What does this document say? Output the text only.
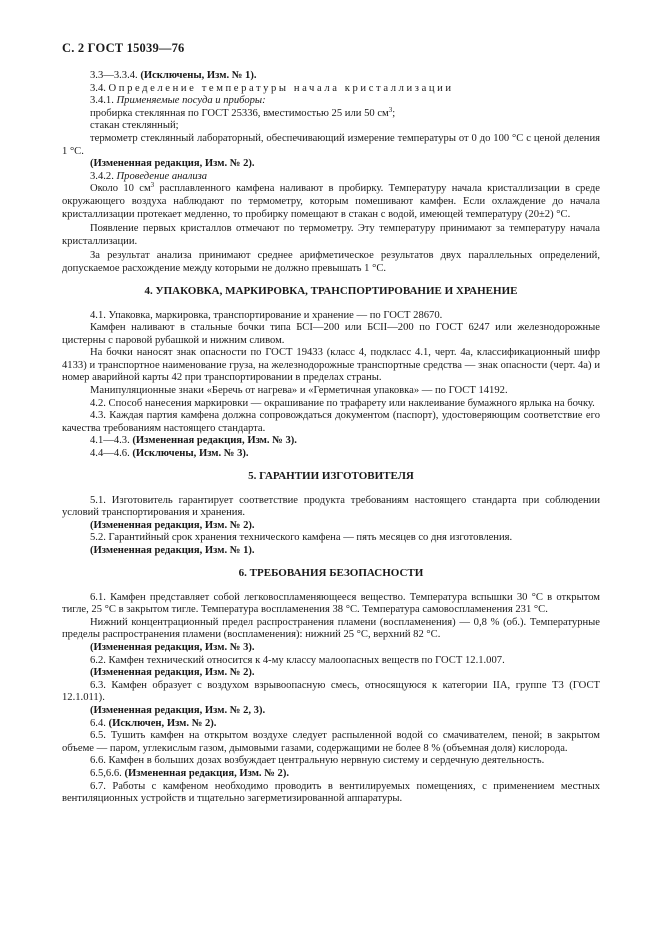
С. 2 ГОСТ 15039—76

3.3—3.3.4. (Исключены, Изм. № 1).

3.4. Определение температуры начала кристаллизации

3.4.1. Применяемые посуда и приборы:

пробирка стеклянная по ГОСТ 25336, вместимостью 25 или 50 $см^3$;

стакан стеклянный;

термометр стеклянный лабораторный, обеспечивающий измерение температуры от 0 до 100 °С с ценой деления 1 °С.

(Измененная редакция, Изм. № 2).

3.4.2. Проведение анализа

Около 10 $см^3$ расплавленного камфена наливают в пробирку. Температуру начала кристаллизации в среде окружающего воздуха наблюдают по термометру, которым помешивают камфен. Если охлаждение до начала кристаллизации протекает медленно, то пробирку помещают в стакан с водой, имеющей температуру (20±2) °С.

Появление первых кристаллов отмечают по термометру. Эту температуру принимают за температуру начала кристаллизации.

За результат анализа принимают среднее арифметическое результатов двух параллельных определений, допускаемое расхождение между которыми не должно превышать 1 °С.

4. УПАКОВКА, МАРКИРОВКА, ТРАНСПОРТИРОВАНИЕ И ХРАНЕНИЕ

4.1. Упаковка, маркировка, транспортирование и хранение — по ГОСТ 28670.

Камфен наливают в стальные бочки типа БСI—200 или БСII—200 по ГОСТ 6247 или железнодорожные цистерны с паровой рубашкой и нижним сливом.

На бочки наносят знак опасности по ГОСТ 19433 (класс 4, подкласс 4.1, черт. 4а, классификационный шифр 4133) и транспортное наименование груза, на железнодорожные транспортные средства — знак опасности (черт. 4а) и номер аварийной карты 42 при транспортировании в пределах страны.

Манипуляционные знаки «Беречь от нагрева» и «Герметичная упаковка» — по ГОСТ 14192.

4.2. Способ нанесения маркировки — окрашивание по трафарету или наклеивание бумажного ярлыка на бочку.

4.3. Каждая партия камфена должна сопровождаться документом (паспорт), удостоверяющим соответствие его качества требованиям настоящего стандарта.

4.1—4.3. (Измененная редакция, Изм. № 3).

4.4—4.6. (Исключены, Изм. № 3).

5. ГАРАНТИИ ИЗГОТОВИТЕЛЯ

5.1. Изготовитель гарантирует соответствие продукта требованиям настоящего стандарта при соблюдении условий транспортирования и хранения.

(Измененная редакция, Изм. № 2).

5.2. Гарантийный срок хранения технического камфена — пять месяцев со дня изготовления.

(Измененная редакция, Изм. № 1).

6. ТРЕБОВАНИЯ БЕЗОПАСНОСТИ

6.1. Камфен представляет собой легковоспламеняющееся вещество. Температура вспышки 30 °С в открытом тигле, 25 °С в закрытом тигле. Температура воспламенения 38 °С. Температура самовоспламенения 231 °С.

Нижний концентрационный предел распространения пламени (воспламенения) — 0,8 % (об.). Температурные пределы распространения пламени (воспламенения): нижний 25 °С, верхний 82 °С.

(Измененная редакция, Изм. № 3).

6.2. Камфен технический относится к 4-му классу малоопасных веществ по ГОСТ 12.1.007.

(Измененная редакция, Изм. № 2).

6.3. Камфен образует с воздухом взрывоопасную смесь, относящуюся к категории IIА, группе Т3 (ГОСТ 12.1.011).

(Измененная редакция, Изм. № 2, 3).

6.4. (Исключен, Изм. № 2).

6.5. Тушить камфен на открытом воздухе следует распыленной водой со смачивателем, пеной; в закрытом объеме — паром, углекислым газом, дымовыми газами, содержащими не более 8 % (объемная доля) кислорода.

6.6. Камфен в больших дозах возбуждает центральную нервную систему и сердечную деятельность.

6.5,6.6. (Измененная редакция, Изм. № 2).

6.7. Работы с камфеном необходимо проводить в вентилируемых помещениях, с применением местных вентиляционных устройств и тщательно загерметизированной аппаратуры.
